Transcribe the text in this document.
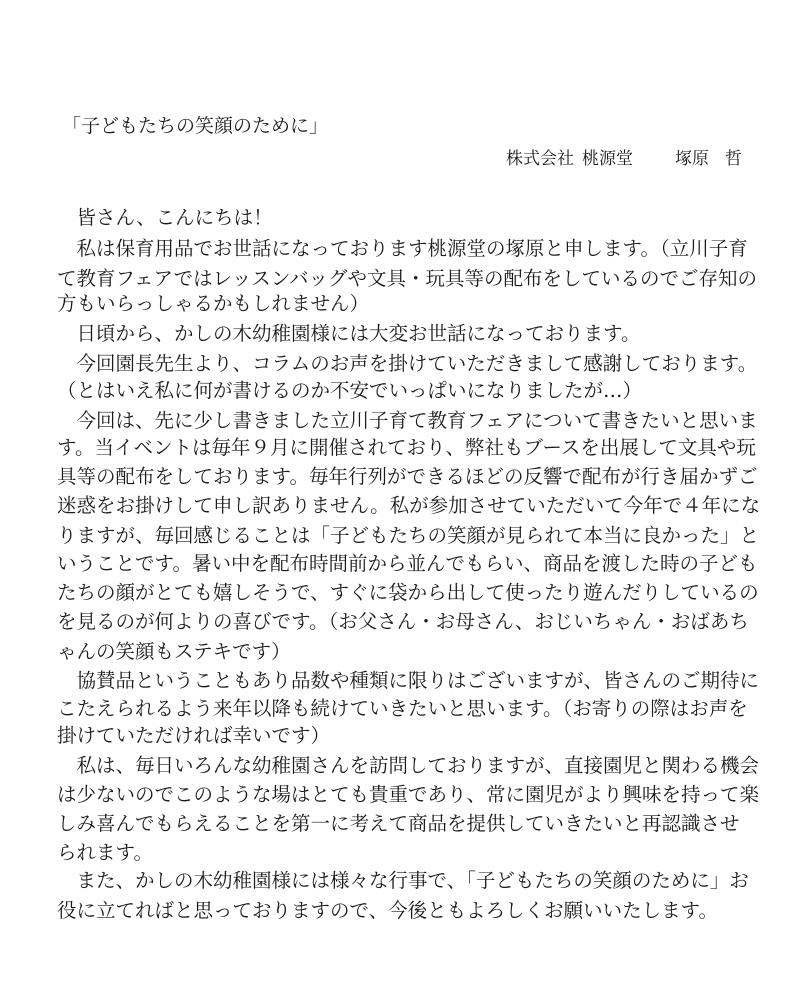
「子どもたちの笑顔のために」
株式会社 桃源堂 塚原 哲
　皆さん、こんにちは！
　私は保育用品でお世話になっております桃源堂の塚原と申します。（立川子育
て教育フェアではレッスンバッグや文具・玩具等の配布をしているのでご存知の
方もいらっしゃるかもしれません）
　日頃から、かしの木幼稚園様には大変お世話になっております。
　今回園長先生より、コラムのお声を掛けていただきまして感謝しております。
（とはいえ私に何が書けるのか不安でいっぱいになりましたが…）
　今回は、先に少し書きました立川子育て教育フェアについて書きたいと思いま
す。当イベントは毎年９月に開催されており、弊社もブースを出展して文具や玩
具等の配布をしております。毎年行列ができるほどの反響で配布が行き届かずご
迷惑をお掛けして申し訳ありません。私が参加させていただいて今年で４年にな
りますが、毎回感じることは「子どもたちの笑顔が見られて本当に良かった」と
いうことです。暑い中を配布時間前から並んでもらい、商品を渡した時の子ども
たちの顔がとても嬉しそうで、すぐに袋から出して使ったり遊んだりしているの
を見るのが何よりの喜びです。（お父さん・お母さん、おじいちゃん・おばあち
ゃんの笑顔もステキです）
　協賛品ということもあり品数や種類に限りはございますが、皆さんのご期待に
こたえられるよう来年以降も続けていきたいと思います。（お寄りの際はお声を
掛けていただければ幸いです）
　私は、毎日いろんな幼稚園さんを訪問しておりますが、直接園児と関わる機会
は少ないのでこのような場はとても貴重であり、常に園児がより興味を持って楽
しみ喜んでもらえることを第一に考えて商品を提供していきたいと再認識させ
られます。
　また、かしの木幼稚園様には様々な行事で、「子どもたちの笑顔のために」お
役に立てればと思っておりますので、今後ともよろしくお願いいたします。
